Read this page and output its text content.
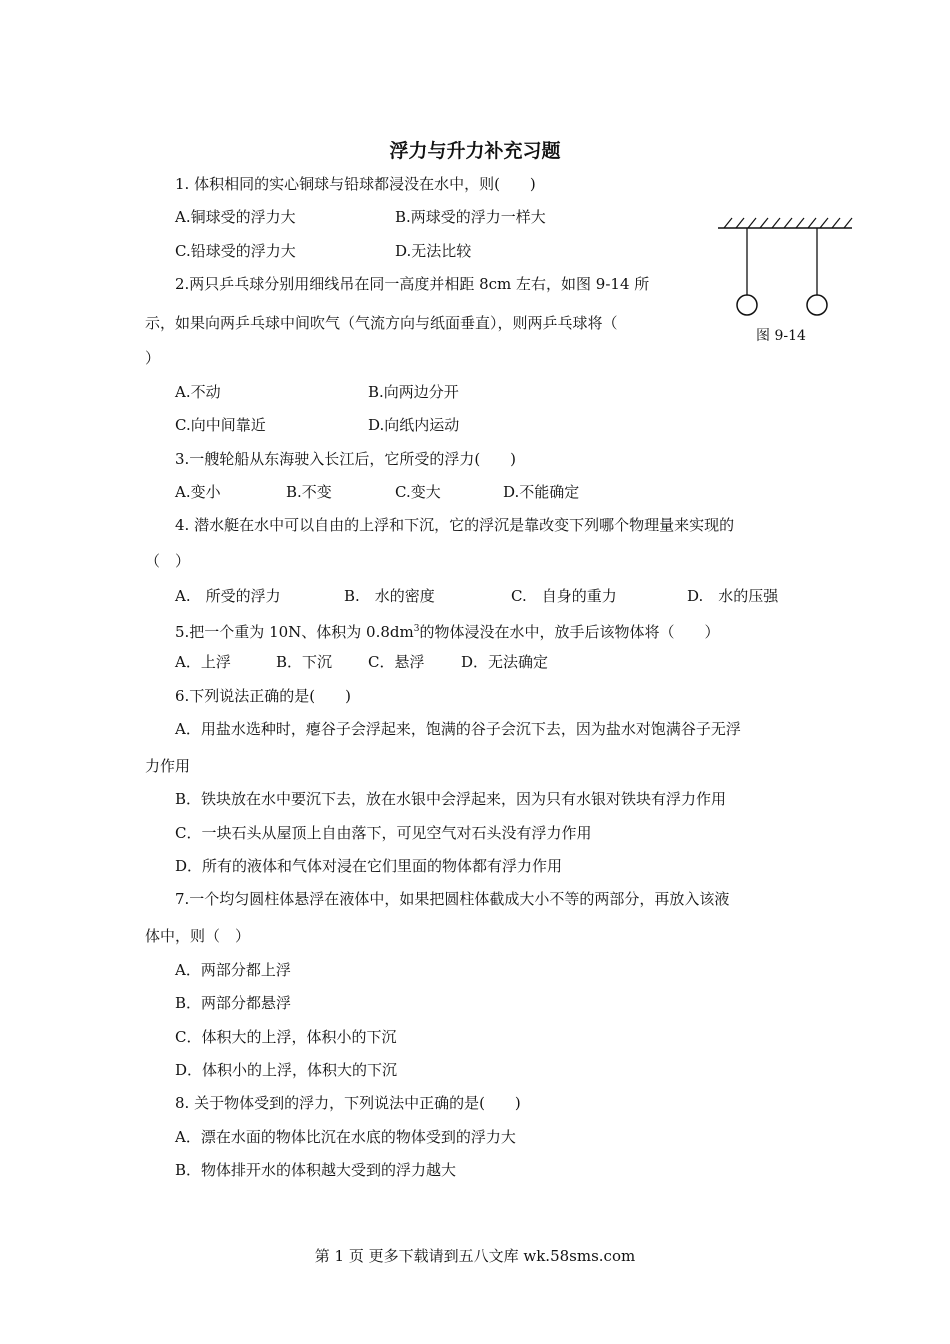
浮力与升力补充习题
1. 体积相同的实心铜球与铅球都浸没在水中，则(　　)
A.铜球受的浮力大	B.两球受的浮力一样大
C.铅球受的浮力大	D.无法比较
2.两只乒乓球分别用细线吊在同一高度并相距 8cm 左右，如图 9-14 所
示，如果向两乒乓球中间吹气（气流方向与纸面垂直），则两乒乓球将（
）
A.不动	B.向两边分开
C.向中间靠近	D.向纸内运动
图 9-14
3.一艘轮船从东海驶入长江后，它所受的浮力(　　)
A.变小	B.不变	C.变大	D.不能确定
4. 潜水艇在水中可以自由的上浮和下沉，它的浮沉是靠改变下列哪个物理量来实现的
（　）
A.　所受的浮力	B.　水的密度	C.　自身的重力	D.　水的压强
5.把一个重为 10N、体积为 $0.8dm^3$的物体浸没在水中，放手后该物体将（　　）
A．上浮	B．下沉 C．悬浮 D．无法确定
6.下列说法正确的是(　　)
A．用盐水选种时，瘪谷子会浮起来，饱满的谷子会沉下去，因为盐水对饱满谷子无浮
力作用
B．铁块放在水中要沉下去，放在水银中会浮起来，因为只有水银对铁块有浮力作用
C．一块石头从屋顶上自由落下，可见空气对石头没有浮力作用
D．所有的液体和气体对浸在它们里面的物体都有浮力作用
7.一个均匀圆柱体悬浮在液体中，如果把圆柱体截成大小不等的两部分，再放入该液
体中，则（　）
A．两部分都上浮
B．两部分都悬浮
C．体积大的上浮，体积小的下沉
D．体积小的上浮，体积大的下沉
8. 关于物体受到的浮力，下列说法中正确的是(　　)
A．漂在水面的物体比沉在水底的物体受到的浮力大
B．物体排开水的体积越大受到的浮力越大
第 1 页 更多下载请到五八文库 wk.58sms.com
